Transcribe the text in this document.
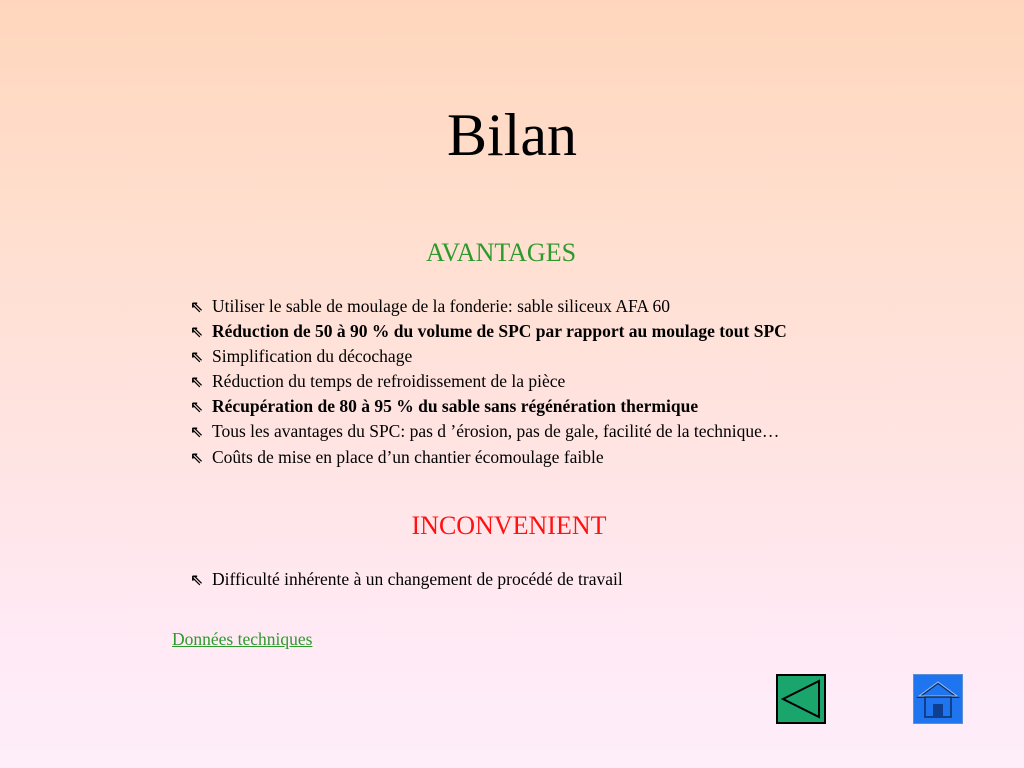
Bilan
AVANTAGES
⇖ Utiliser le sable de moulage de la fonderie: sable siliceux AFA 60
⇖ Réduction de 50 à 90 % du volume de SPC par rapport au moulage tout SPC
⇖ Simplification du décochage
⇖ Réduction du temps de refroidissement de la pièce
⇖ Récupération de 80 à 95 % du sable sans régénération thermique
⇖ Tous les avantages du SPC: pas d ’érosion, pas de gale, facilité de la technique…
⇖ Coûts de mise en place d’un chantier écomoulage faible
INCONVENIENT
⇖ Difficulté inhérente à un changement de procédé de travail
Données techniques
